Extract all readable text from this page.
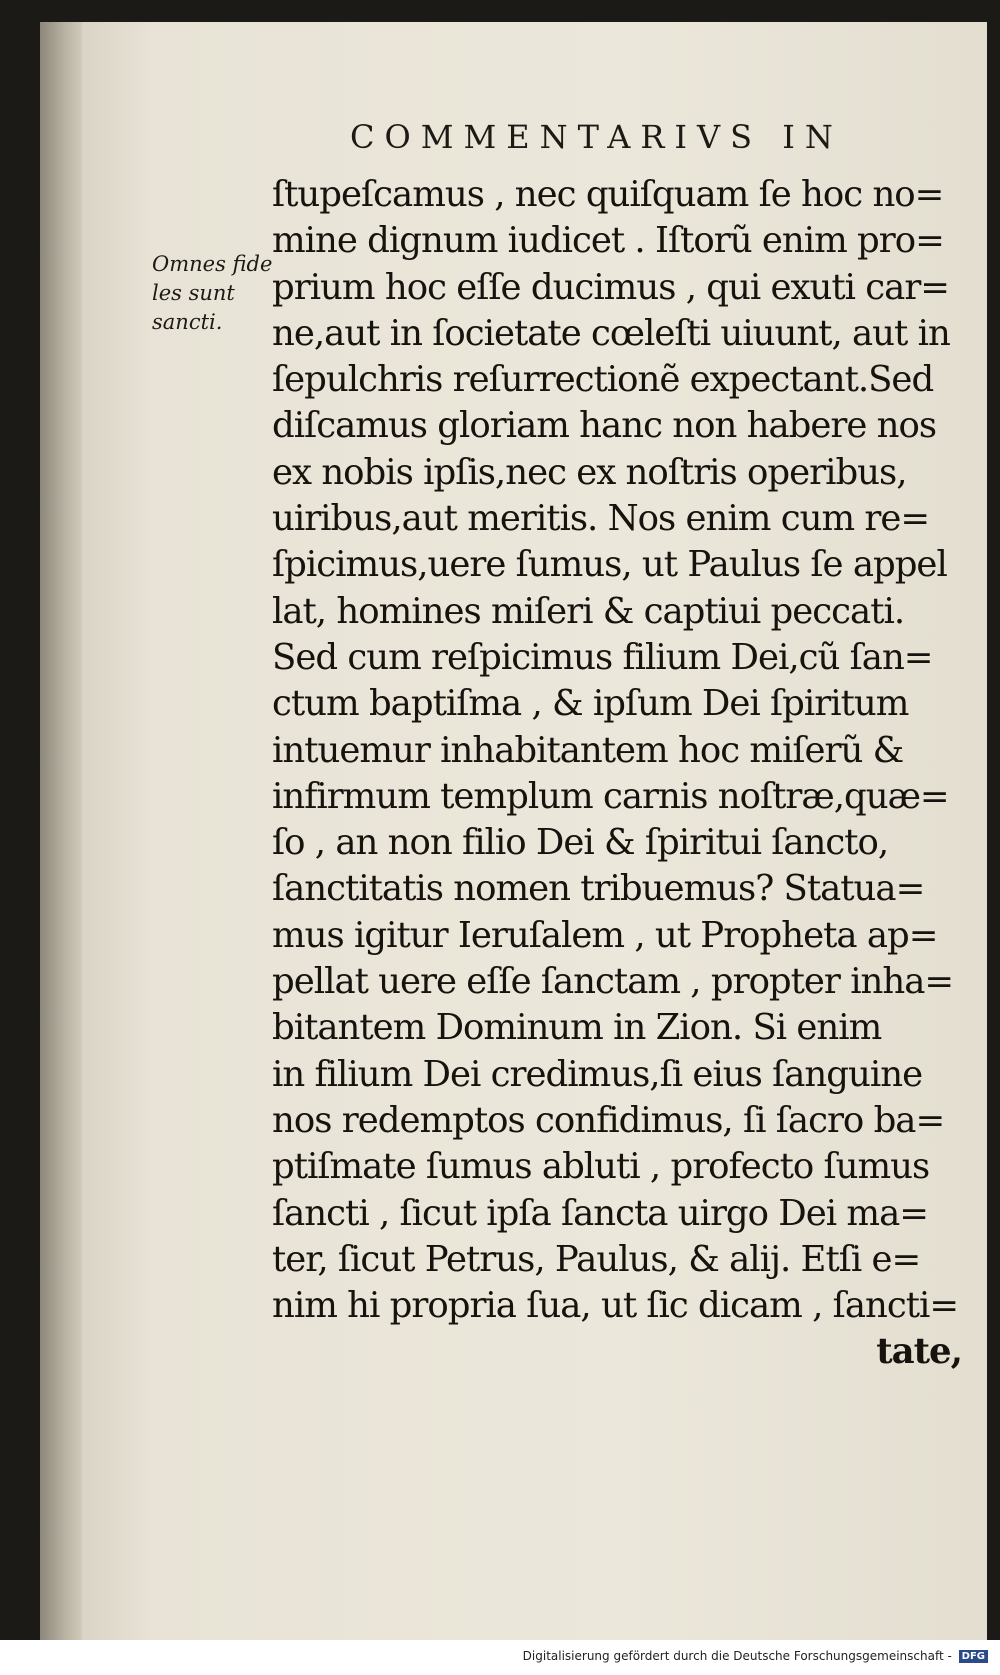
COMMENTARIVS IN
Omnes fide
les sunt
sancti.
ſtupeſcamus , nec quiſquam ſe hoc no=
mine dignum iudicet . Iſtorũ enim pro=
prium hoc eſſe ducimus , qui exuti car=
ne,aut in ſocietate cœleſti uiuunt, aut in
ſepulchris reſurrectionẽ expectant.Sed
diſcamus gloriam hanc non habere nos
ex nobis ipſis,nec ex noſtris operibus,
uiribus,aut meritis. Nos enim cum re=
ſpicimus,uere ſumus, ut Paulus ſe appel
lat, homines miſeri & captiui peccati.
Sed cum reſpicimus filium Dei,cũ ſan=
ctum baptiſma , & ipſum Dei ſpiritum
intuemur inhabitantem hoc miſerũ &
infirmum templum carnis noſtræ,quæ=
ſo , an non filio Dei & ſpiritui ſancto,
ſanctitatis nomen tribuemus? Statua=
mus igitur Ieruſalem , ut Propheta ap=
pellat uere eſſe ſanctam , propter inha=
bitantem Dominum in Zion. Si enim
in filium Dei credimus,ſi eius ſanguine
nos redemptos confidimus, ſi ſacro ba=
ptiſmate ſumus abluti , profecto ſumus
ſancti , ſicut ipſa ſancta uirgo Dei ma=
ter, ſicut Petrus, Paulus, & alij. Etſi e=
nim hi propria ſua, ut ſic dicam , ſancti=
tate,
Digitalisierung gefördert durch die Deutsche Forschungsgemeinschaft - DFG
